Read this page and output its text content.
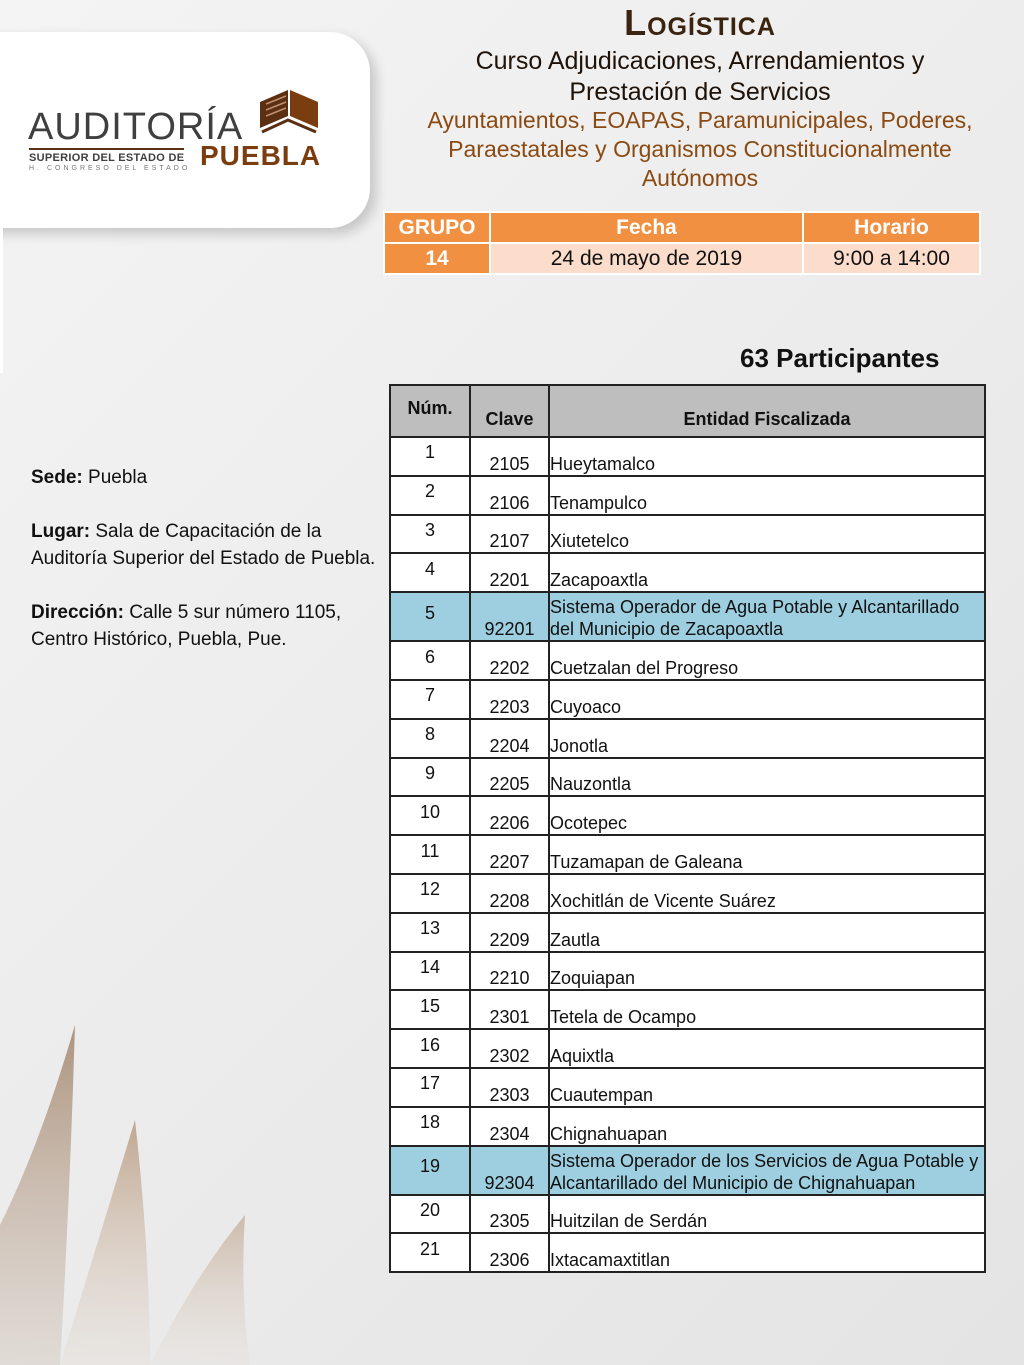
AUDITORÍA
SUPERIOR DEL ESTADO DE PUEBLA
H. CONGRESO DEL ESTADO
Logística
Curso Adjudicaciones, Arrendamientos y
Prestación de Servicios
Ayuntamientos, EOAPAS, Paramunicipales, Poderes,
Paraestatales y Organismos Constitucionalmente
Autónomos
GRUPO	Fecha	Horario
14	24 de mayo de 2019	9:00 a 14:00
63 Participantes

Sede: Puebla

Lugar: Sala de Capacitación de la Auditoría Superior del Estado de Puebla.

Dirección: Calle 5 sur número 1105, Centro Histórico, Puebla, Pue.

Núm.	Clave	Entidad Fiscalizada
1	2105	Hueytamalco
2	2106	Tenampulco
3	2107	Xiutetelco
4	2201	Zacapoaxtla
5	92201	Sistema Operador de Agua Potable y Alcantarillado del Municipio de Zacapoaxtla
6	2202	Cuetzalan del Progreso
7	2203	Cuyoaco
8	2204	Jonotla
9	2205	Nauzontla
10	2206	Ocotepec
11	2207	Tuzamapan de Galeana
12	2208	Xochitlán de Vicente Suárez
13	2209	Zautla
14	2210	Zoquiapan
15	2301	Tetela de Ocampo
16	2302	Aquixtla
17	2303	Cuautempan
18	2304	Chignahuapan
19	92304	Sistema Operador de los Servicios de Agua Potable y Alcantarillado del Municipio de Chignahuapan
20	2305	Huitzilan de Serdán
21	2306	Ixtacamaxtitlan
